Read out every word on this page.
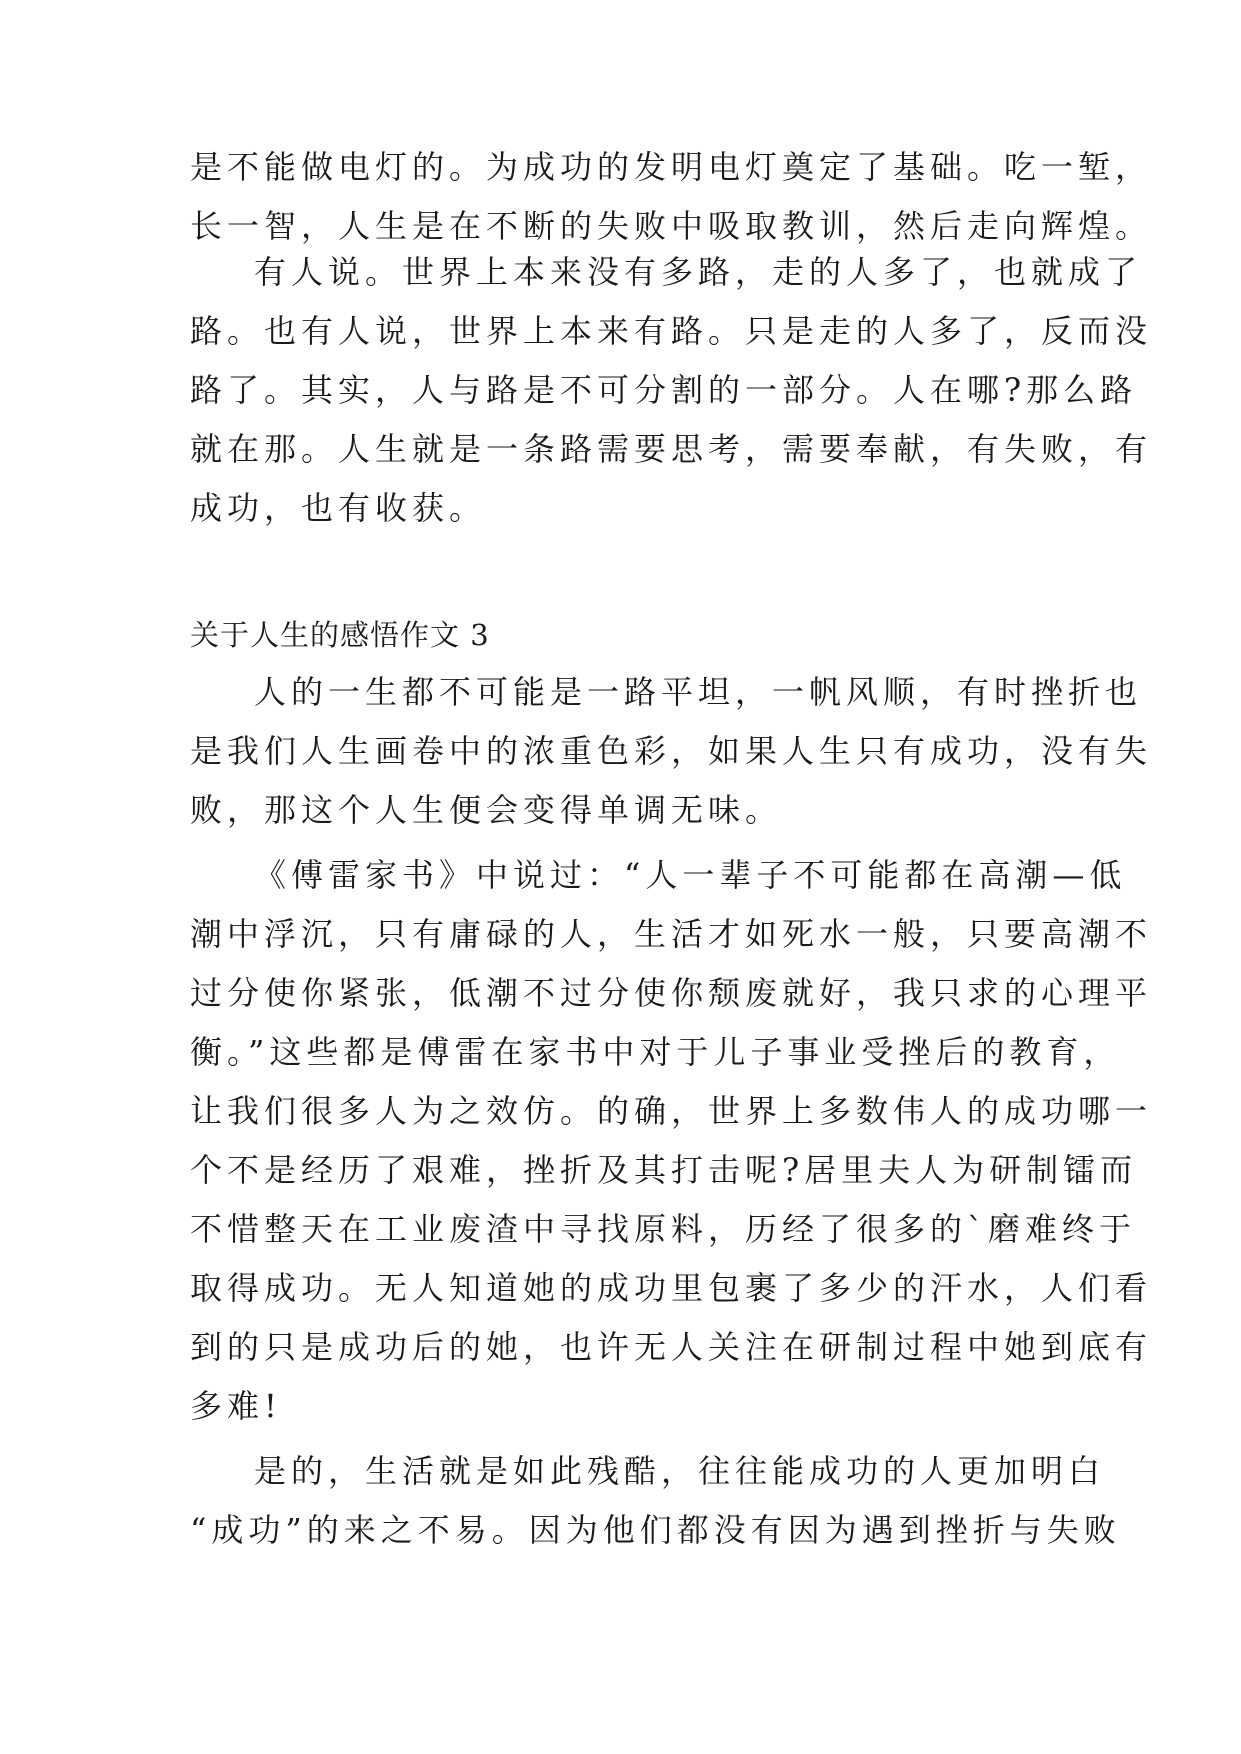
是不能做电灯的。为成功的发明电灯奠定了基础。吃一堑，
长一智，人生是在不断的失败中吸取教训，然后走向辉煌。
有人说。世界上本来没有多路，走的人多了，也就成了
路。也有人说，世界上本来有路。只是走的人多了，反而没
路了。其实，人与路是不可分割的一部分。人在哪?那么路
就在那。人生就是一条路需要思考，需要奉献，有失败，有
成功，也有收获。
关于人生的感悟作文 3
人的一生都不可能是一路平坦，一帆风顺，有时挫折也
是我们人生画卷中的浓重色彩，如果人生只有成功，没有失
败，那这个人生便会变得单调无味。
《傅雷家书》中说过：“人一辈子不可能都在高潮—低
潮中浮沉，只有庸碌的人，生活才如死水一般，只要高潮不
过分使你紧张，低潮不过分使你颓废就好，我只求的心理平
衡。”这些都是傅雷在家书中对于儿子事业受挫后的教育，
让我们很多人为之效仿。的确，世界上多数伟人的成功哪一
个不是经历了艰难，挫折及其打击呢?居里夫人为研制镭而
不惜整天在工业废渣中寻找原料，历经了很多的`磨难终于
取得成功。无人知道她的成功里包裹了多少的汗水，人们看
到的只是成功后的她，也许无人关注在研制过程中她到底有
多难!
是的，生活就是如此残酷，往往能成功的人更加明白
“成功”的来之不易。因为他们都没有因为遇到挫折与失败
